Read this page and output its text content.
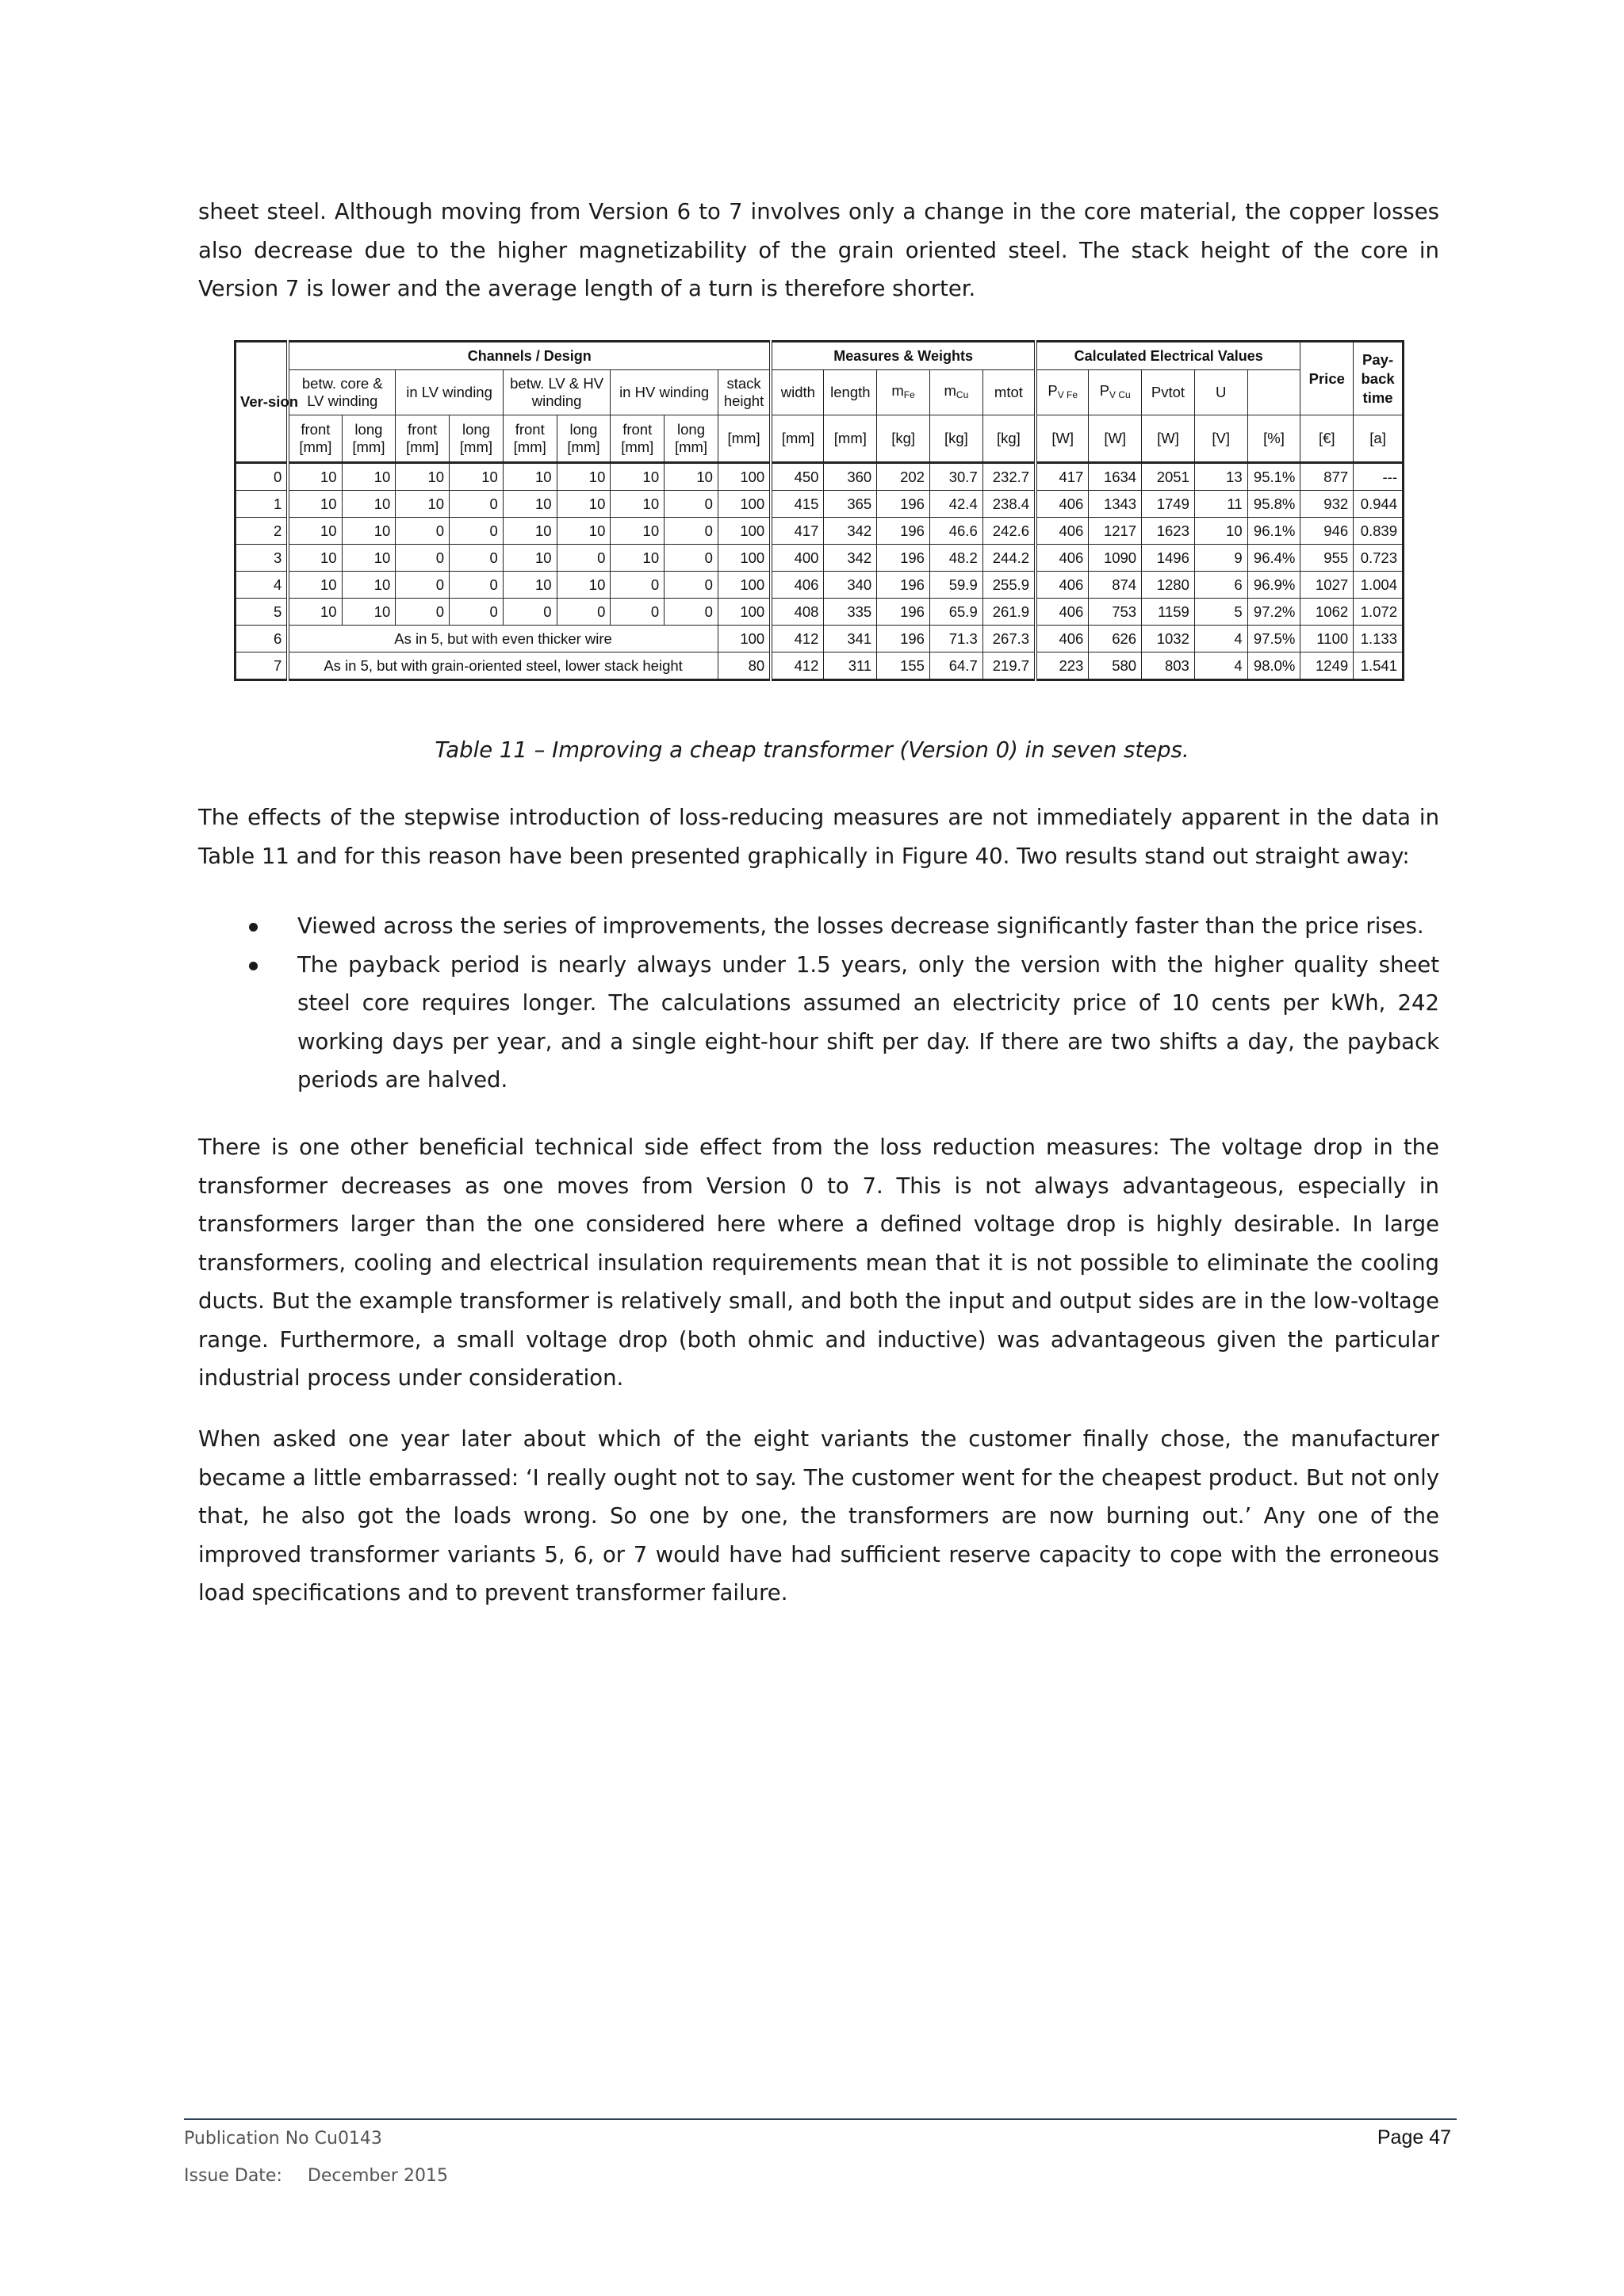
sheet steel. Although moving from Version 6 to 7 involves only a change in the core material, the copper losses also decrease due to the higher magnetizability of the grain oriented steel. The stack height of the core in Version 7 is lower and the average length of a turn is therefore shorter.
Ver-sion	Channels / Design									Measures & Weights					Calculated Electrical Values					Price	Pay-back time
	betw. core & LV winding		in LV winding		betw. LV & HV winding		in HV winding		stack height	width	length	$m_{Fe}$	$m_{Cu}$	mtot	$P_{V Fe}$	$P_{V Cu}$	Pvtot	U			
	front [mm]	long [mm]	front [mm]	long [mm]	front [mm]	long [mm]	front [mm]	long [mm]	[mm]	[mm]	[mm]	[kg]	[kg]	[kg]	[W]	[W]	[W]	[V]	[%]	[€]	[a]
0	10	10	10	10	10	10	10	10	100	450	360	202	30.7	232.7	417	1634	2051	13	95.1%	877	---
1	10	10	10	0	10	10	10	0	100	415	365	196	42.4	238.4	406	1343	1749	11	95.8%	932	0.944
2	10	10	0	0	10	10	10	0	100	417	342	196	46.6	242.6	406	1217	1623	10	96.1%	946	0.839
3	10	10	0	0	10	0	10	0	100	400	342	196	48.2	244.2	406	1090	1496	9	96.4%	955	0.723
4	10	10	0	0	10	10	0	0	100	406	340	196	59.9	255.9	406	874	1280	6	96.9%	1027	1.004
5	10	10	0	0	0	0	0	0	100	408	335	196	65.9	261.9	406	753	1159	5	97.2%	1062	1.072
6	As in 5, but with even thicker wire								100	412	341	196	71.3	267.3	406	626	1032	4	97.5%	1100	1.133
7	As in 5, but with grain-oriented steel, lower stack height								80	412	311	155	64.7	219.7	223	580	803	4	98.0%	1249	1.541
Table 11 – Improving a cheap transformer (Version 0) in seven steps.
The effects of the stepwise introduction of loss-reducing measures are not immediately apparent in the data in Table 11 and for this reason have been presented graphically in Figure 40. Two results stand out straight away:
Viewed across the series of improvements, the losses decrease significantly faster than the price rises.
The payback period is nearly always under 1.5 years, only the version with the higher quality sheet steel core requires longer. The calculations assumed an electricity price of 10 cents per kWh, 242 working days per year, and a single eight-hour shift per day. If there are two shifts a day, the payback periods are halved.
There is one other beneficial technical side effect from the loss reduction measures: The voltage drop in the transformer decreases as one moves from Version 0 to 7. This is not always advantageous, especially in transformers larger than the one considered here where a defined voltage drop is highly desirable. In large transformers, cooling and electrical insulation requirements mean that it is not possible to eliminate the cooling ducts. But the example transformer is relatively small, and both the input and output sides are in the low-voltage range. Furthermore, a small voltage drop (both ohmic and inductive) was advantageous given the particular industrial process under consideration.
When asked one year later about which of the eight variants the customer finally chose, the manufacturer became a little embarrassed: ‘I really ought not to say. The customer went for the cheapest product. But not only that, he also got the loads wrong. So one by one, the transformers are now burning out.’ Any one of the improved transformer variants 5, 6, or 7 would have had sufficient reserve capacity to cope with the erroneous load specifications and to prevent transformer failure.
Publication No Cu0143
Issue Date: December 2015
Page 47
